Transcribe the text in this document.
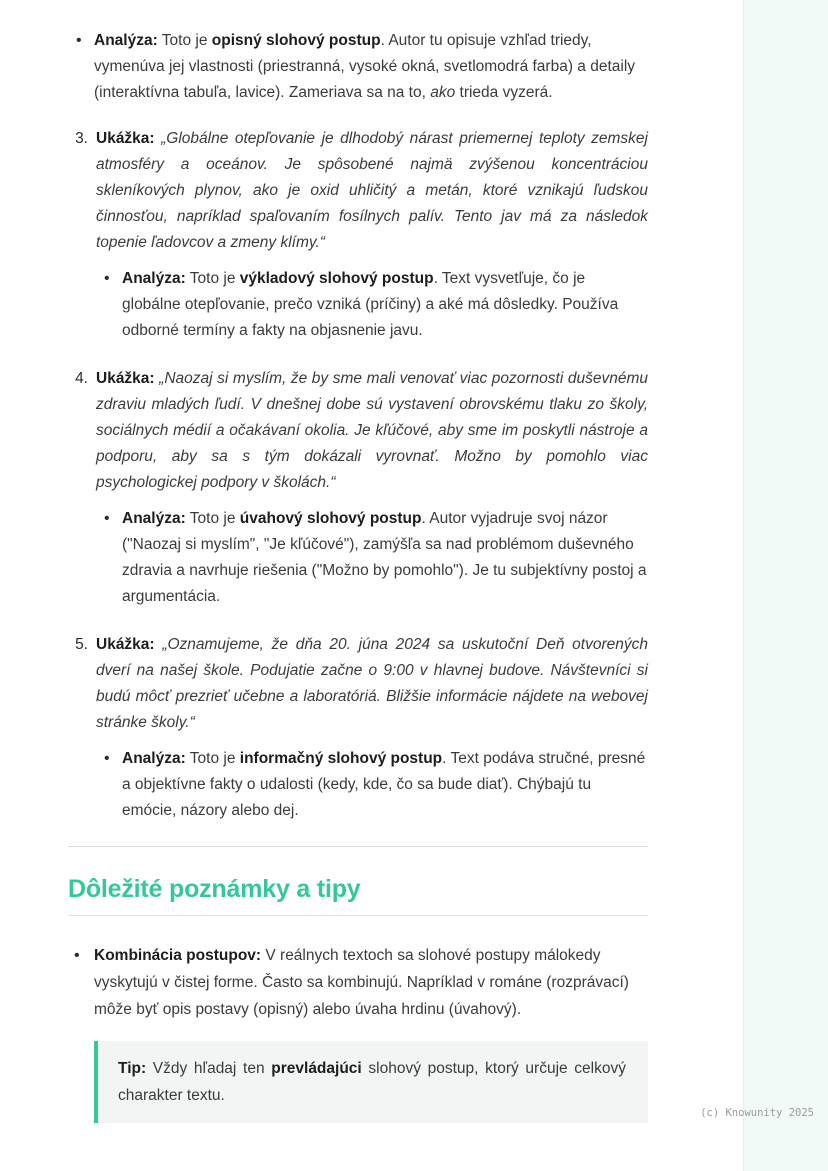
• Analýza: Toto je opisný slohový postup. Autor tu opisuje vzhľad triedy, vymenúva jej vlastnosti (priestranná, vysoké okná, svetlomodrá farba) a detaily (interaktívna tabuľa, lavice). Zameriava sa na to, ako trieda vyzerá.
3. Ukážka: „Globálne otepľovanie je dlhodobý nárast priemernej teploty zemskej atmosféry a oceánov. Je spôsobené najmä zvýšenou koncentráciou skleníkových plynov, ako je oxid uhličitý a metán, ktoré vznikajú ľudskou činnosťou, napríklad spaľovaním fosílnych palív. Tento jav má za následok topenie ľadovcov a zmeny klímy.“
• Analýza: Toto je výkladový slohový postup. Text vysvetľuje, čo je globálne otepľovanie, prečo vzniká (príčiny) a aké má dôsledky. Používa odborné termíny a fakty na objasnenie javu.
4. Ukážka: „Naozaj si myslím, že by sme mali venovať viac pozornosti duševnému zdraviu mladých ľudí. V dnešnej dobe sú vystavení obrovskému tlaku zo školy, sociálnych médií a očakávaní okolia. Je kľúčové, aby sme im poskytli nástroje a podporu, aby sa s tým dokázali vyrovnať. Možno by pomohlo viac psychologickej podpory v školách.“
• Analýza: Toto je úvahový slohový postup. Autor vyjadruje svoj názor ("Naozaj si myslím", "Je kľúčové"), zamýšľa sa nad problémom duševného zdravia a navrhuje riešenia ("Možno by pomohlo"). Je tu subjektívny postoj a argumentácia.
5. Ukážka: „Oznamujeme, že dňa 20. júna 2024 sa uskutoční Deň otvorených dverí na našej škole. Podujatie začne o 9:00 v hlavnej budove. Návštevníci si budú môcť prezrieť učebne a laboratóriá. Bližšie informácie nájdete na webovej stránke školy.“
• Analýza: Toto je informačný slohový postup. Text podáva stručné, presné a objektívne fakty o udalosti (kedy, kde, čo sa bude diať). Chýbajú tu emócie, názory alebo dej.
Dôležité poznámky a tipy
• Kombinácia postupov: V reálnych textoch sa slohové postupy málokedy vyskytujú v čistej forme. Často sa kombinujú. Napríklad v románe (rozprávací) môže byť opis postavy (opisný) alebo úvaha hrdinu (úvahový).
Tip: Vždy hľadaj ten prevládajúci slohový postup, ktorý určuje celkový charakter textu.
(c) Knowunity 2025
